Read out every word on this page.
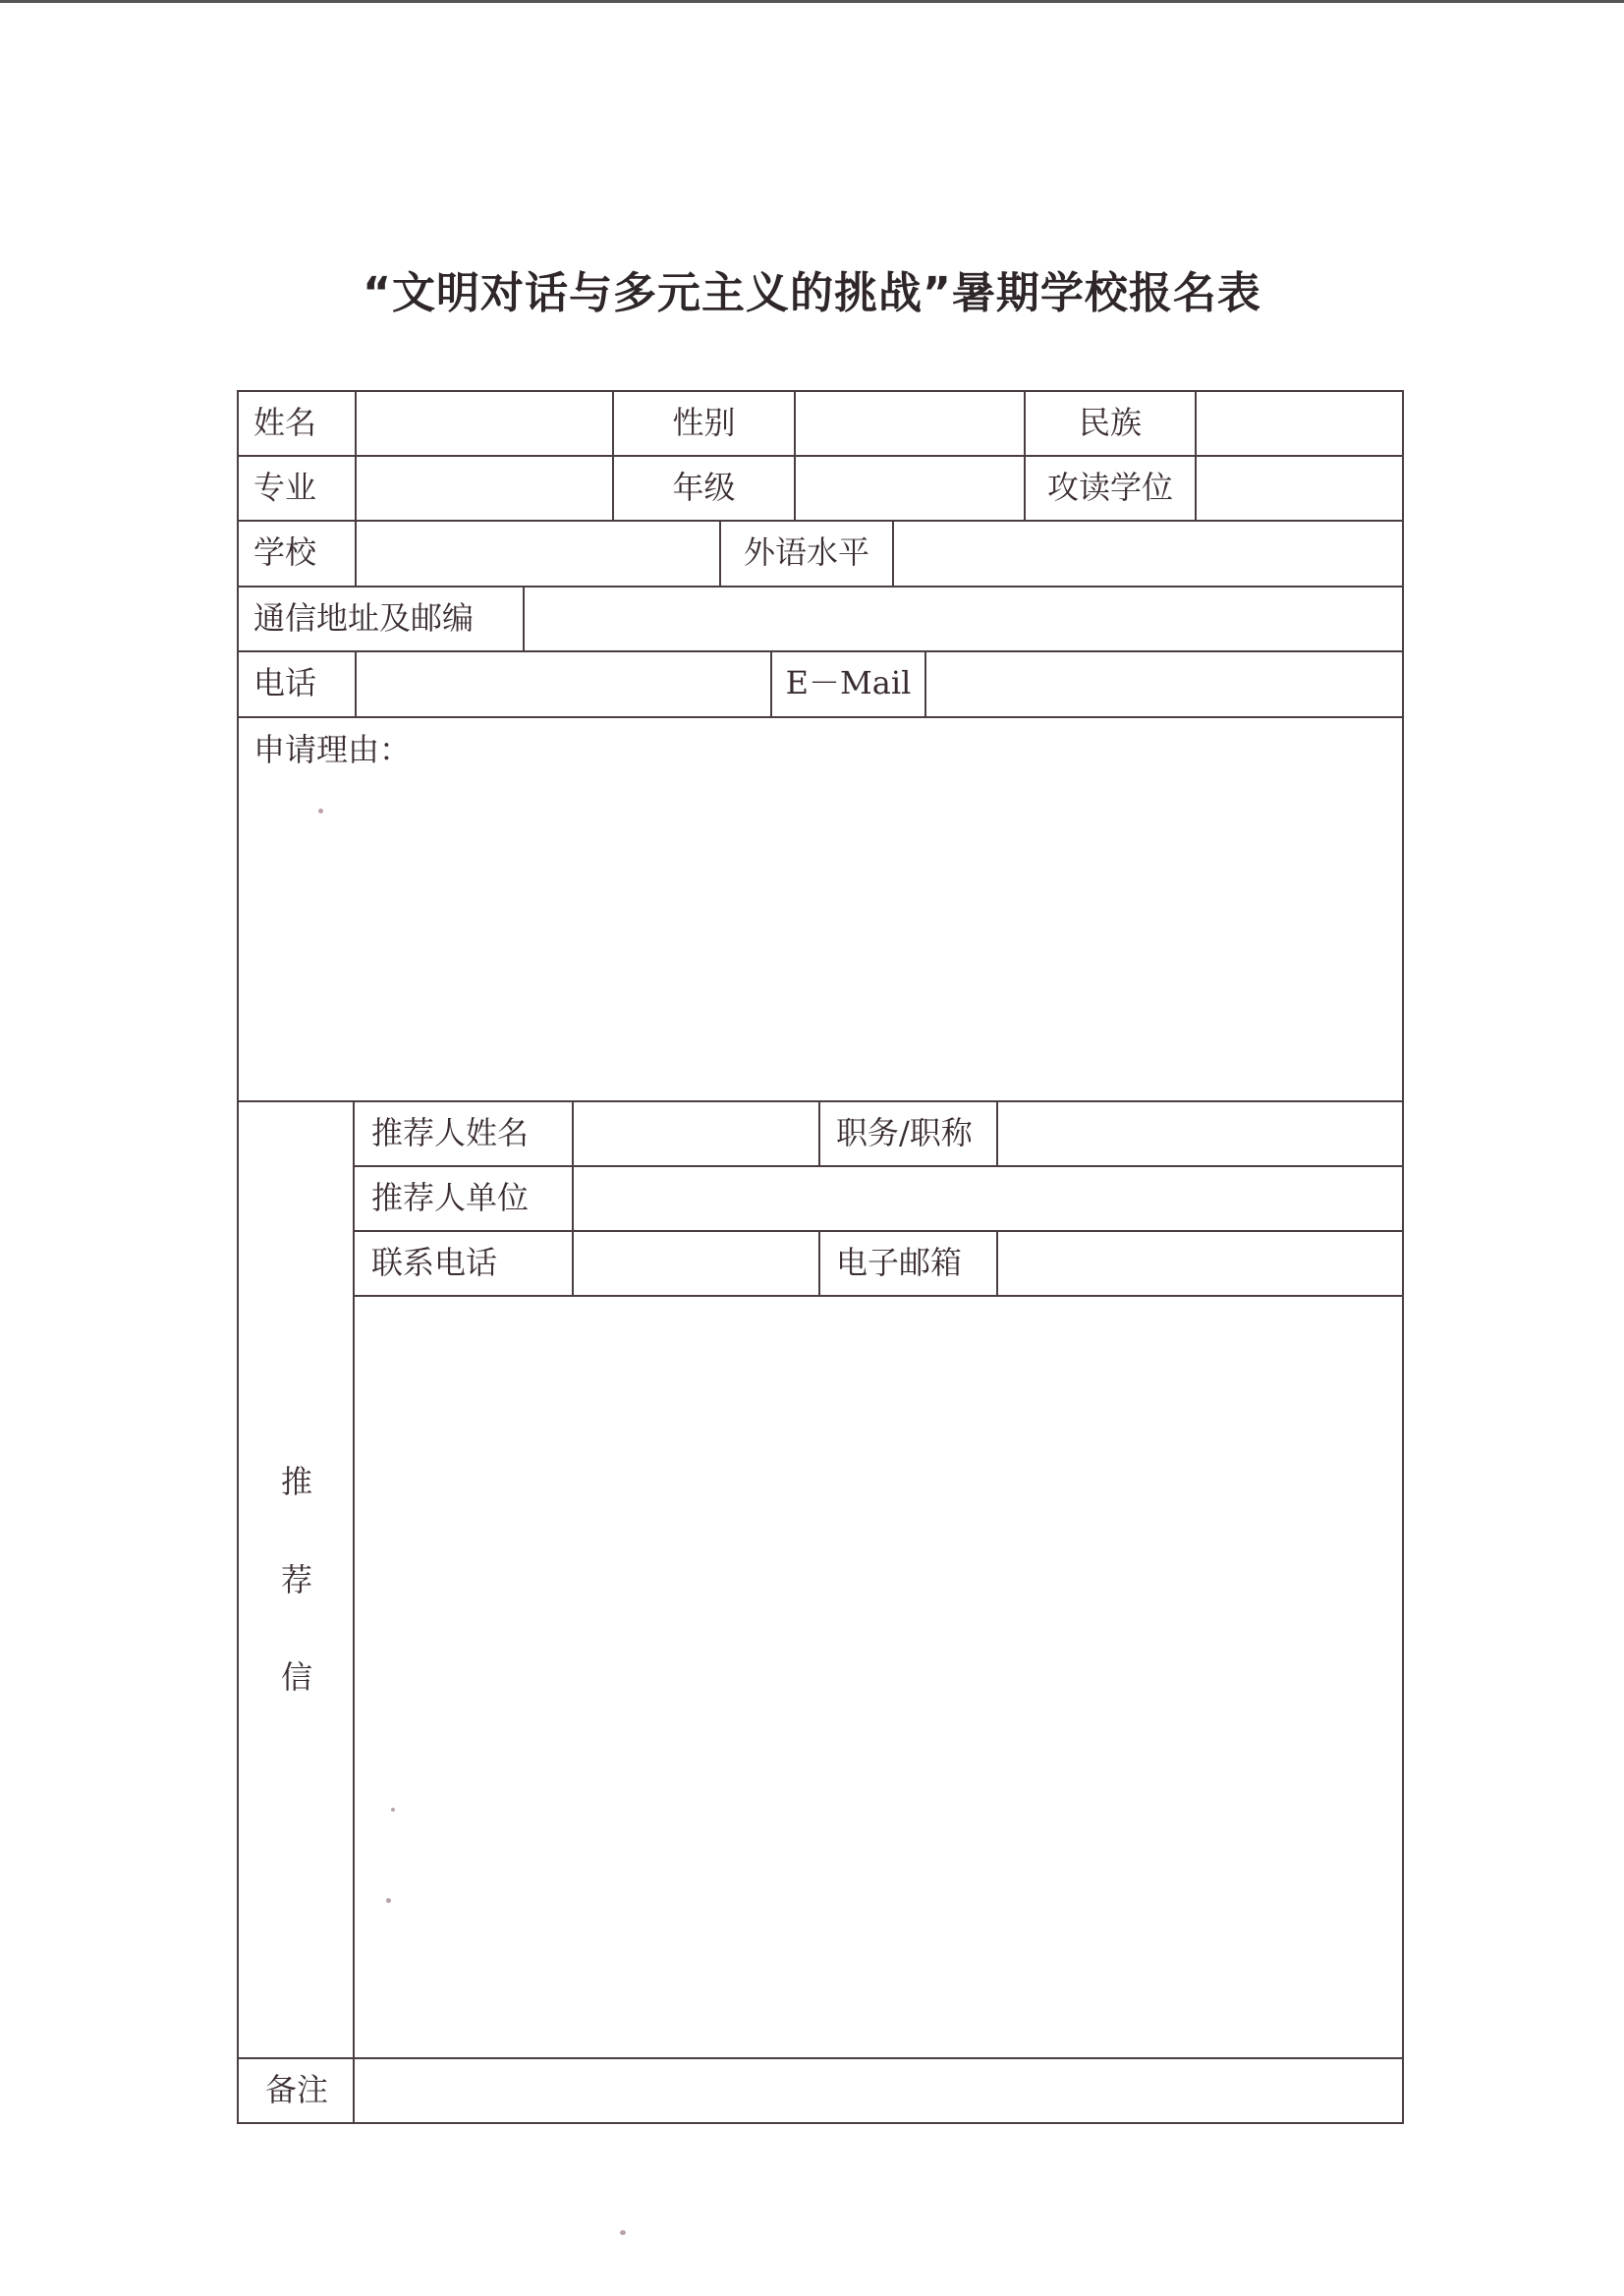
“文明对话与多元主义的挑战”暑期学校报名表
姓名	性别	民族
专业	年级	攻读学位
学校	外语水平
通信地址及邮编
电话	E－Mail
申请理由：
推
荐
信
推荐人姓名	职务/职称
推荐人单位
联系电话	电子邮箱
备注
